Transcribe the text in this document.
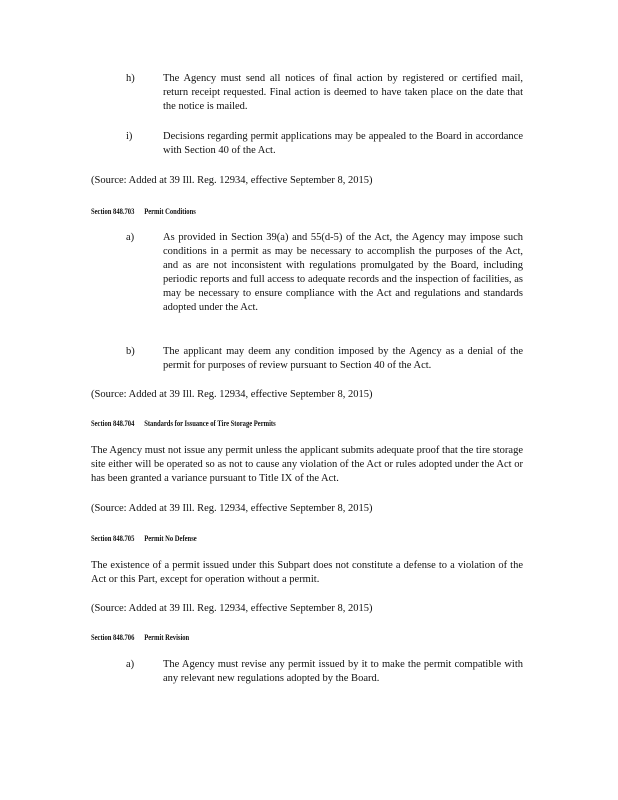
h)	The Agency must send all notices of final action by registered or certified mail, return receipt requested. Final action is deemed to have taken place on the date that the notice is mailed.
i)	Decisions regarding permit applications may be appealed to the Board in accordance with Section 40 of the Act.
(Source: Added at 39 Ill. Reg. 12934, effective September 8, 2015)
Section 848.703 Permit Conditions
a)	As provided in Section 39(a) and 55(d-5) of the Act, the Agency may impose such conditions in a permit as may be necessary to accomplish the purposes of the Act, and as are not inconsistent with regulations promulgated by the Board, including periodic reports and full access to adequate records and the inspection of facilities, as may be necessary to ensure compliance with the Act and regulations and standards adopted under the Act.
b)	The applicant may deem any condition imposed by the Agency as a denial of the permit for purposes of review pursuant to Section 40 of the Act.
(Source: Added at 39 Ill. Reg. 12934, effective September 8, 2015)
Section 848.704 Standards for Issuance of Tire Storage Permits
The Agency must not issue any permit unless the applicant submits adequate proof that the tire storage site either will be operated so as not to cause any violation of the Act or rules adopted under the Act or has been granted a variance pursuant to Title IX of the Act.
(Source: Added at 39 Ill. Reg. 12934, effective September 8, 2015)
Section 848.705 Permit No Defense
The existence of a permit issued under this Subpart does not constitute a defense to a violation of the Act or this Part, except for operation without a permit.
(Source: Added at 39 Ill. Reg. 12934, effective September 8, 2015)
Section 848.706 Permit Revision
a)	The Agency must revise any permit issued by it to make the permit compatible with any relevant new regulations adopted by the Board.
